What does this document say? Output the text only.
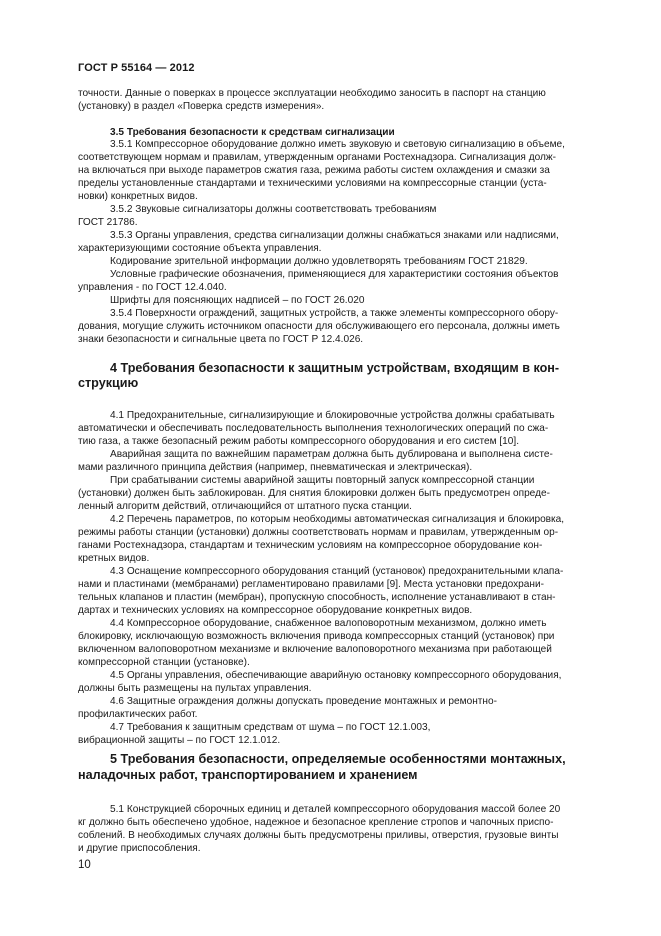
ГОСТ Р 55164 — 2012
точности. Данные о поверках в процессе эксплуатации необходимо заносить в паспорт на станцию
(установку) в раздел «Поверка средств измерения».
3.5 Требования безопасности к средствам сигнализации
3.5.1 Компрессорное оборудование должно иметь звуковую и световую сигнализацию в объеме,
соответствующем нормам и правилам, утвержденным органами Ростехнадзора. Сигнализация долж-
на включаться при выходе параметров сжатия газа, режима работы систем охлаждения и смазки за
пределы установленные стандартами и техническими условиями на компрессорные станции (уста-
новки) конкретных видов.
3.5.2 Звуковые сигнализаторы должны соответствовать требованиям
ГОСТ 21786.
3.5.3 Органы управления, средства сигнализации должны снабжаться знаками или надписями,
характеризующими состояние объекта управления.
Кодирование зрительной информации должно удовлетворять требованиям ГОСТ 21829.
Условные графические обозначения, применяющиеся для характеристики состояния объектов
управления - по ГОСТ 12.4.040.
Шрифты для поясняющих надписей – по ГОСТ 26.020
3.5.4 Поверхности ограждений, защитных устройств, а также элементы компрессорного обору-
дования, могущие служить источником опасности для обслуживающего его персонала, должны иметь
знаки безопасности и сигнальные цвета по ГОСТ Р 12.4.026.
4.1 Предохранительные, сигнализирующие и блокировочные устройства должны срабатывать
автоматически и обеспечивать последовательность выполнения технологических операций по сжа-
тию газа, а также безопасный режим работы компрессорного оборудования и его систем [10].
Аварийная защита по важнейшим параметрам должна быть дублирована и выполнена систе-
мами различного принципа действия (например, пневматическая и электрическая).
При срабатывании системы аварийной защиты повторный запуск компрессорной станции
(установки) должен быть заблокирован. Для снятия блокировки должен быть предусмотрен опреде-
ленный алгоритм действий, отличающийся от штатного пуска станции.
4.2 Перечень параметров, по которым необходимы автоматическая сигнализация и блокировка,
режимы работы станции (установки) должны соответствовать нормам и правилам, утвержденным ор-
ганами Ростехнадзора, стандартам и техническим условиям на компрессорное оборудование кон-
кретных видов.
4.3 Оснащение компрессорного оборудования станций (установок) предохранительными клапа-
нами и пластинами (мембранами) регламентировано правилами [9]. Места установки предохрани-
тельных клапанов и пластин (мембран), пропускную способность, исполнение устанавливают в стан-
дартах и технических условиях на компрессорное оборудование конкретных видов.
4.4 Компрессорное оборудование, снабженное валоповоротным механизмом, должно иметь
блокировку, исключающую возможность включения привода компрессорных станций (установок) при
включенном валоповоротном механизме и включение валоповоротного механизма при работающей
компрессорной станции (установке).
4.5 Органы управления, обеспечивающие аварийную остановку компрессорного оборудования,
должны быть размещены на пультах управления.
4.6 Защитные ограждения должны допускать проведение монтажных и ремонтно-
профилактических работ.
4.7 Требования к защитным средствам от шума – по ГОСТ 12.1.003,
вибрационной защиты – по ГОСТ 12.1.012.
5.1 Конструкцией сборочных единиц и деталей компрессорного оборудования массой более 20
кг должно быть обеспечено удобное, надежное и безопасное крепление стропов и чапочных приспо-
соблений. В необходимых случаях должны быть предусмотрены приливы, отверстия, грузовые винты
и другие приспособления.
4 Требования безопасности к защитным устройствам, входящим в кон-
струкцию
5 Требования безопасности, определяемые особенностями монтажных,
наладочных работ, транспортированием и хранением
10
